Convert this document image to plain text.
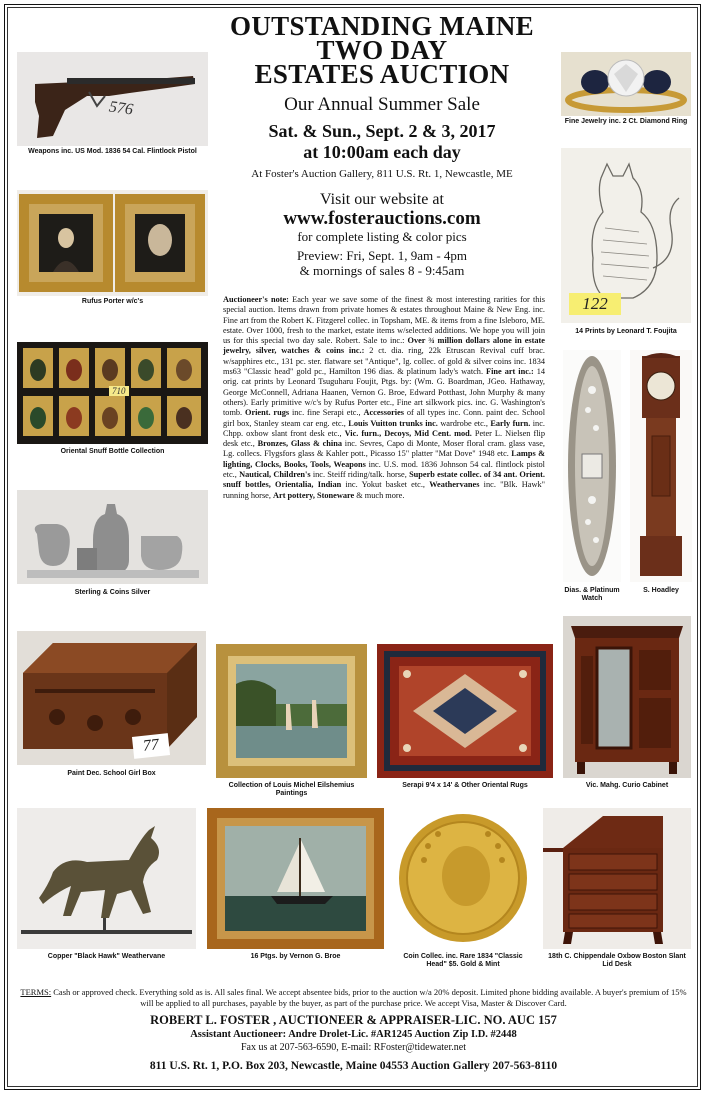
OUTSTANDING MAINE
TWO DAY
ESTATES AUCTION
Our Annual Summer Sale
Sat. & Sun., Sept. 2 & 3, 2017
at 10:00am each day
At Foster's Auction Gallery, 811 U.S. Rt. 1, Newcastle, ME
Visit our website at
www.fosterauctions.com
for complete listing & color pics
Preview: Fri, Sept. 1, 9am - 4pm
& mornings of sales 8 - 9:45am
Auctioneer's note: Each year we save some of the finest & most interesting rarities for this special auction. Items drawn from private homes & estates throughout Maine & New Eng. inc. Fine art from the Robert K. Fitzgerel collec. in Topsham, ME. & items from a fine Isleboro, ME. estate. Over 1000, fresh to the market, estate items w/selected additions. We hope you will join us for this special two day sale. Robert. Sale to inc.: Over ¾ million dollars alone in estate jewelry, silver, watches & coins inc.: 2 ct. dia. ring, 22k Etruscan Revival cuff brac. w/sapphires etc., 131 pc. ster. flatware set "Antique", lg. collec. of gold & silver coins inc. 1834 ms63 "Classic head" gold pc., Hamilton 196 dias. & platinum lady's watch. Fine art inc.: 14 orig. cat prints by Leonard Tsuguharu Foujit, Ptgs. by: (Wm. G. Boardman, JGeo. Hathaway, George McConnell, Adriana Haanen, Vernon G. Broe, Edward Potthast, John Murphy & many others). Early primitive w/c's by Rufus Porter etc., Fine art silkwork pics. inc. G. Washington's tomb. Orient. rugs inc. fine Serapi etc., Accessories of all types inc. Conn. paint dec. School girl box, Stanley steam car eng. etc., Louis Vuitton trunks inc. wardrobe etc., Early furn. inc. Chpp. oxbow slant front desk etc., Vic. furn., Decoys, Mid Cent. mod. Peter L. Nielsen flip desk etc., Bronzes, Glass & china inc. Sevres, Capo di Monte, Moser floral cram. glass vase, Lg. collecs. Flygsfors glass & Kahler pott., Picasso 15" platter "Mat Dove" 1948 etc. Lamps & lighting, Clocks, Books, Tools, Weapons inc. U.S. mod. 1836 Johnson 54 cal. flintlock pistol etc., Nautical, Children's inc. Steiff riding/talk. horse, Superb estate collec. of 34 ant. Orient. snuff bottles, Orientalia, Indian inc. Yokut basket etc., Weathervanes inc. "Blk. Hawk" running horse, Art pottery, Stoneware & much more.
576
Weapons inc. US Mod. 1836 54 Cal. Flintlock Pistol
Rufus Porter w/c's
710
Oriental Snuff Bottle Collection
Sterling & Coins Silver
Fine Jewelry inc. 2 Ct. Diamond Ring
122
14 Prints by Leonard T. Foujita
Dias. & Platinum Watch
S. Hoadley
77
Paint Dec. School Girl Box
Collection of Louis Michel Eilshemius Paintings
Serapi 9'4 x 14' & Other Oriental Rugs	Vic. Mahg. Curio Cabinet
Copper "Black Hawk" Weathervane	16 Ptgs. by Vernon G. Broe	Coin Collec. inc. Rare 1834 "Classic Head" $5. Gold & Mint
18th C. Chippendale Oxbow Boston Slant Lid Desk
TERMS: Cash or approved check. Everything sold as is. All sales final. We accept absentee bids, prior to the auction w/a 20% deposit. Limited phone bidding available. A buyer's premium of 15% will be applied to all purchases, payable by the buyer, as part of the purchase price. We accept Visa, Master & Discover Card.
ROBERT L. FOSTER , AUCTIONEER & APPRAISER-LIC. NO. AUC 157
Assistant Auctioneer: Andre Drolet-Lic. #AR1245 Auction Zip I.D. #2448
Fax us at 207-563-6590, E-mail: RFoster@tidewater.net
811 U.S. Rt. 1, P.O. Box 203, Newcastle, Maine 04553 Auction Gallery 207-563-8110
